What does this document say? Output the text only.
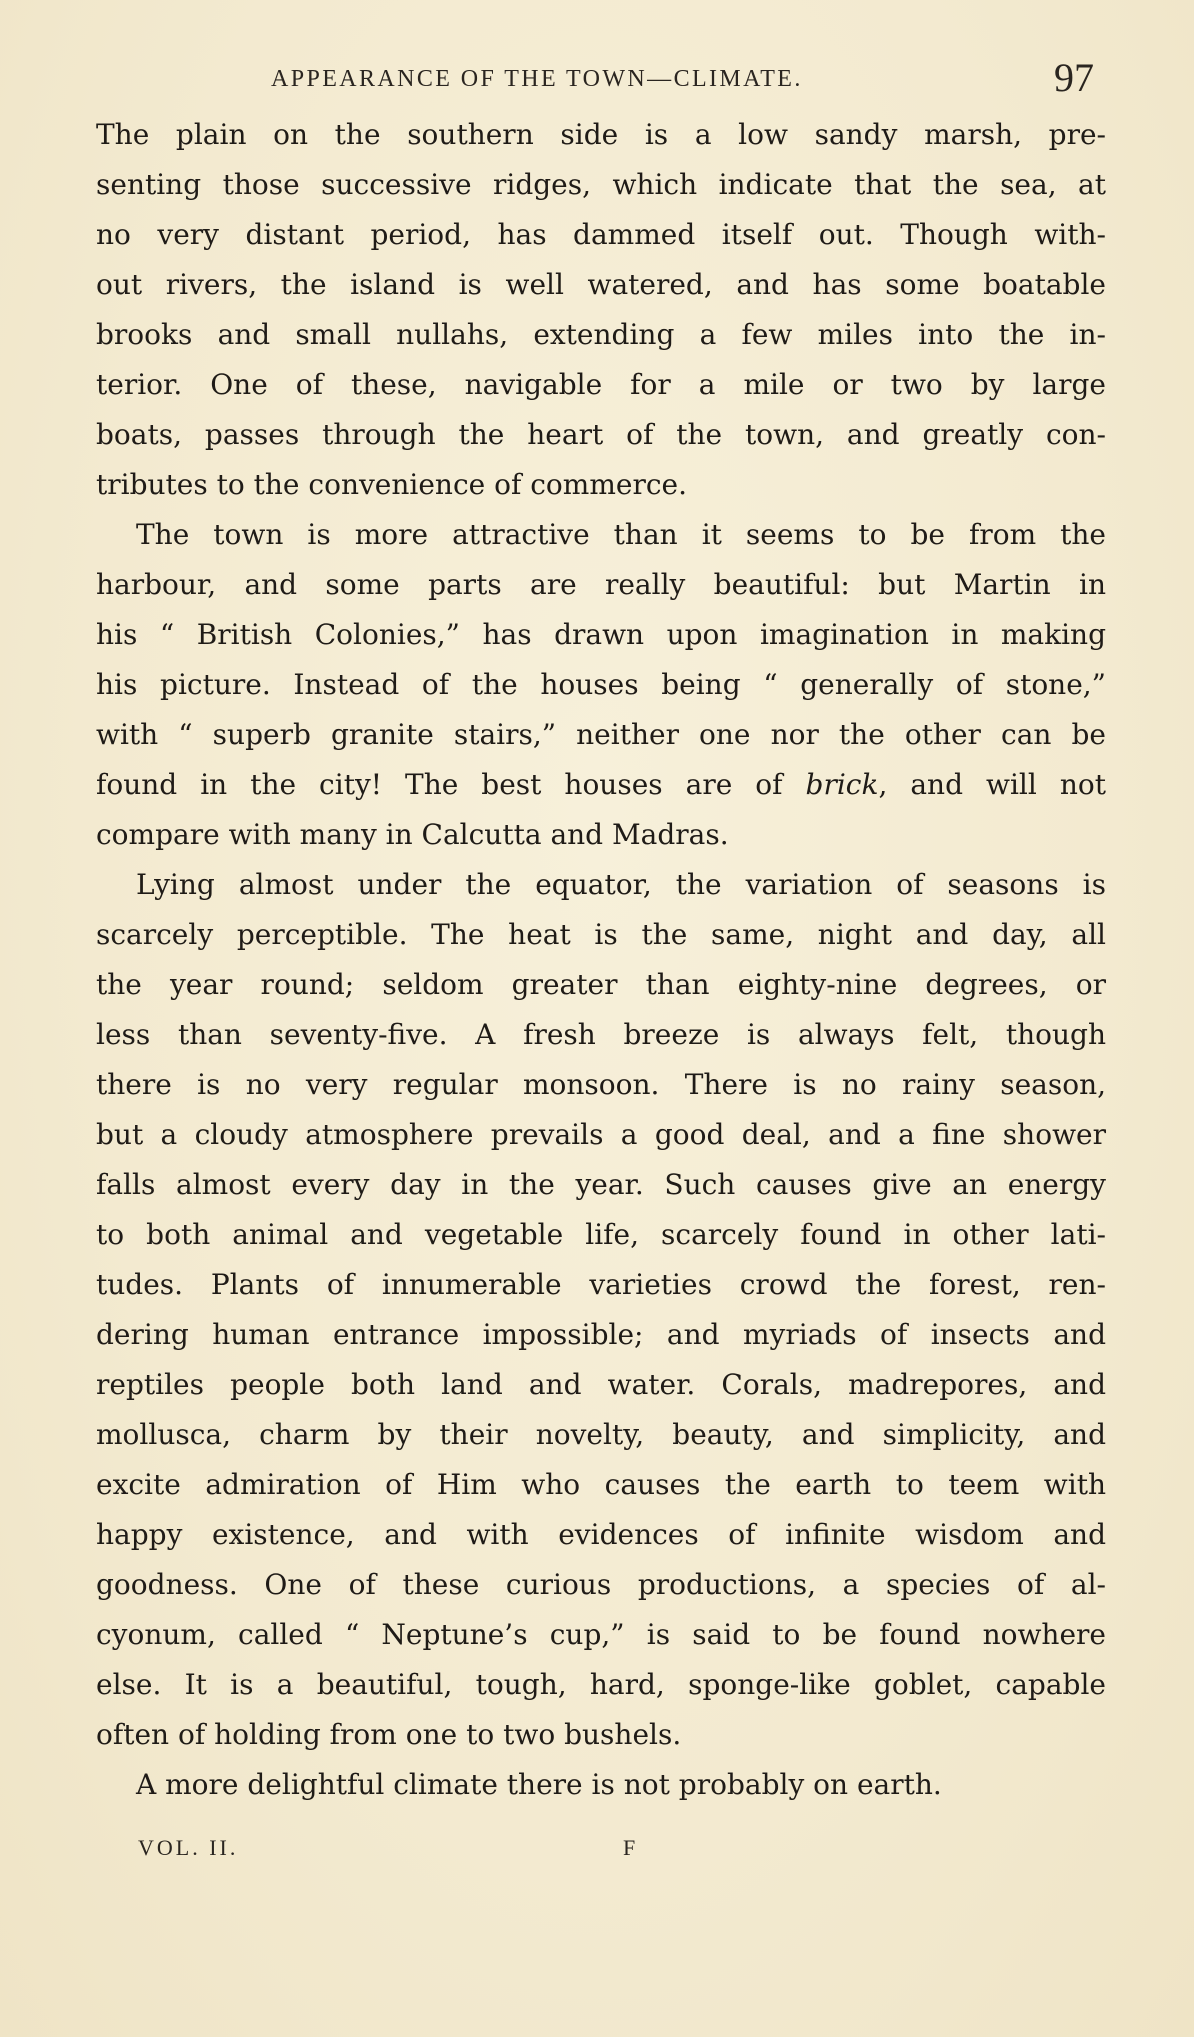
APPEARANCE OF THE TOWN—CLIMATE.	97
The plain on the southern side is a low sandy marsh, pre-
senting those successive ridges, which indicate that the sea, at
no very distant period, has dammed itself out. Though with-
out rivers, the island is well watered, and has some boatable
brooks and small nullahs, extending a few miles into the in-
terior. One of these, navigable for a mile or two by large
boats, passes through the heart of the town, and greatly con-
tributes to the convenience of commerce.
The town is more attractive than it seems to be from the
harbour, and some parts are really beautiful: but Martin in
his “ British Colonies,” has drawn upon imagination in making
his picture. Instead of the houses being “ generally of stone,”
with “ superb granite stairs,” neither one nor the other can be
found in the city! The best houses are of brick, and will not
compare with many in Calcutta and Madras.
Lying almost under the equator, the variation of seasons is
scarcely perceptible. The heat is the same, night and day, all
the year round; seldom greater than eighty-nine degrees, or
less than seventy-five. A fresh breeze is always felt, though
there is no very regular monsoon. There is no rainy season,
but a cloudy atmosphere prevails a good deal, and a fine shower
falls almost every day in the year. Such causes give an energy
to both animal and vegetable life, scarcely found in other lati-
tudes. Plants of innumerable varieties crowd the forest, ren-
dering human entrance impossible; and myriads of insects and
reptiles people both land and water. Corals, madrepores, and
mollusca, charm by their novelty, beauty, and simplicity, and
excite admiration of Him who causes the earth to teem with
happy existence, and with evidences of infinite wisdom and
goodness. One of these curious productions, a species of al-
cyonum, called “ Neptune’s cup,” is said to be found nowhere
else. It is a beautiful, tough, hard, sponge-like goblet, capable
often of holding from one to two bushels.
A more delightful climate there is not probably on earth.
VOL. II.	F
